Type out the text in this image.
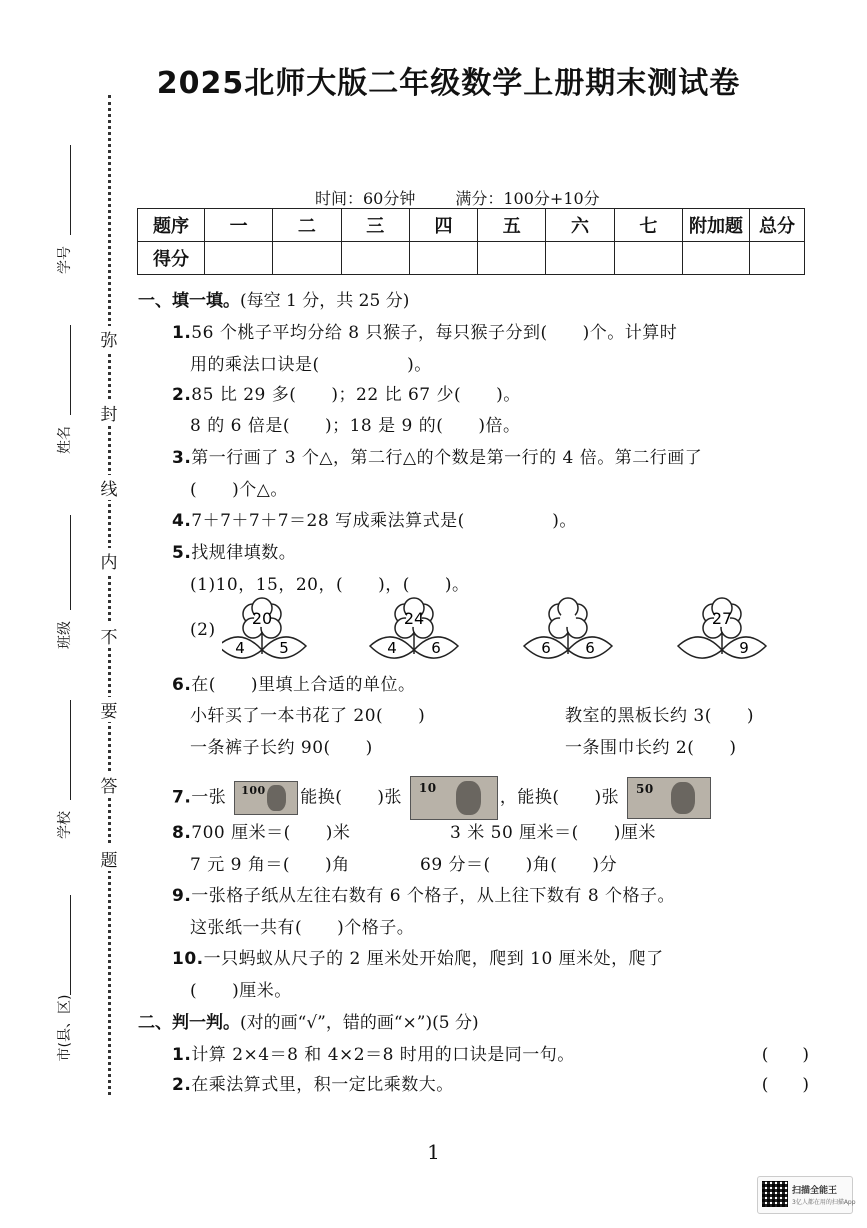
2025北师大版二年级数学上册期末测试卷
时间：60分钟	满分：100分+10分
题序	一	二	三	四	五	六	七	附加题	总分
得分									
弥
封
线
内
不
要
答
题
学号
姓名
班级
学校
市(县、区)
一、填一填。(每空 1 分，共 25 分)
1.56 个桃子平均分给 8 只猴子，每只猴子分到(　　)个。计算时
用的乘法口诀是(　　　　　)。
2.85 比 29 多(　　)；22 比 67 少(　　)。
8 的 6 倍是(　　)；18 是 9 的(　　)倍。
3.第一行画了 3 个△，第二行△的个数是第一行的 4 倍。第二行画了
(　　)个△。
4.7＋7＋7＋7＝28 写成乘法算式是(　　　　　)。
5.找规律填数。
(1)10，15，20，(　　)，(　　)。
(2)
20
4 5
24
4 6	6 6
27
9
6.在(　　)里填上合适的单位。
小轩买了一本书花了 20(　　)	教室的黑板长约 3(　　)
一条裤子长约 90(　　)	一条围巾长约 2(　　)
7.一张 100 能换(　　)张 10	，能换(　　)张 50
8.700 厘米＝(　　)米	3 米 50 厘米＝(　　)厘米
7 元 9 角＝(　　)角	69 分＝(　　)角(　　)分
9.一张格子纸从左往右数有 6 个格子，从上往下数有 8 个格子。
这张纸一共有(　　)个格子。
10.一只蚂蚁从尺子的 2 厘米处开始爬，爬到 10 厘米处，爬了
(　　)厘米。
二、判一判。(对的画“√”，错的画“×”)(5 分)
1.计算 2×4＝8 和 4×2＝8 时用的口诀是同一句。	(　　)
2.在乘法算式里，积一定比乘数大。	(　　)
1
扫描全能王
3亿人都在用的扫描App
